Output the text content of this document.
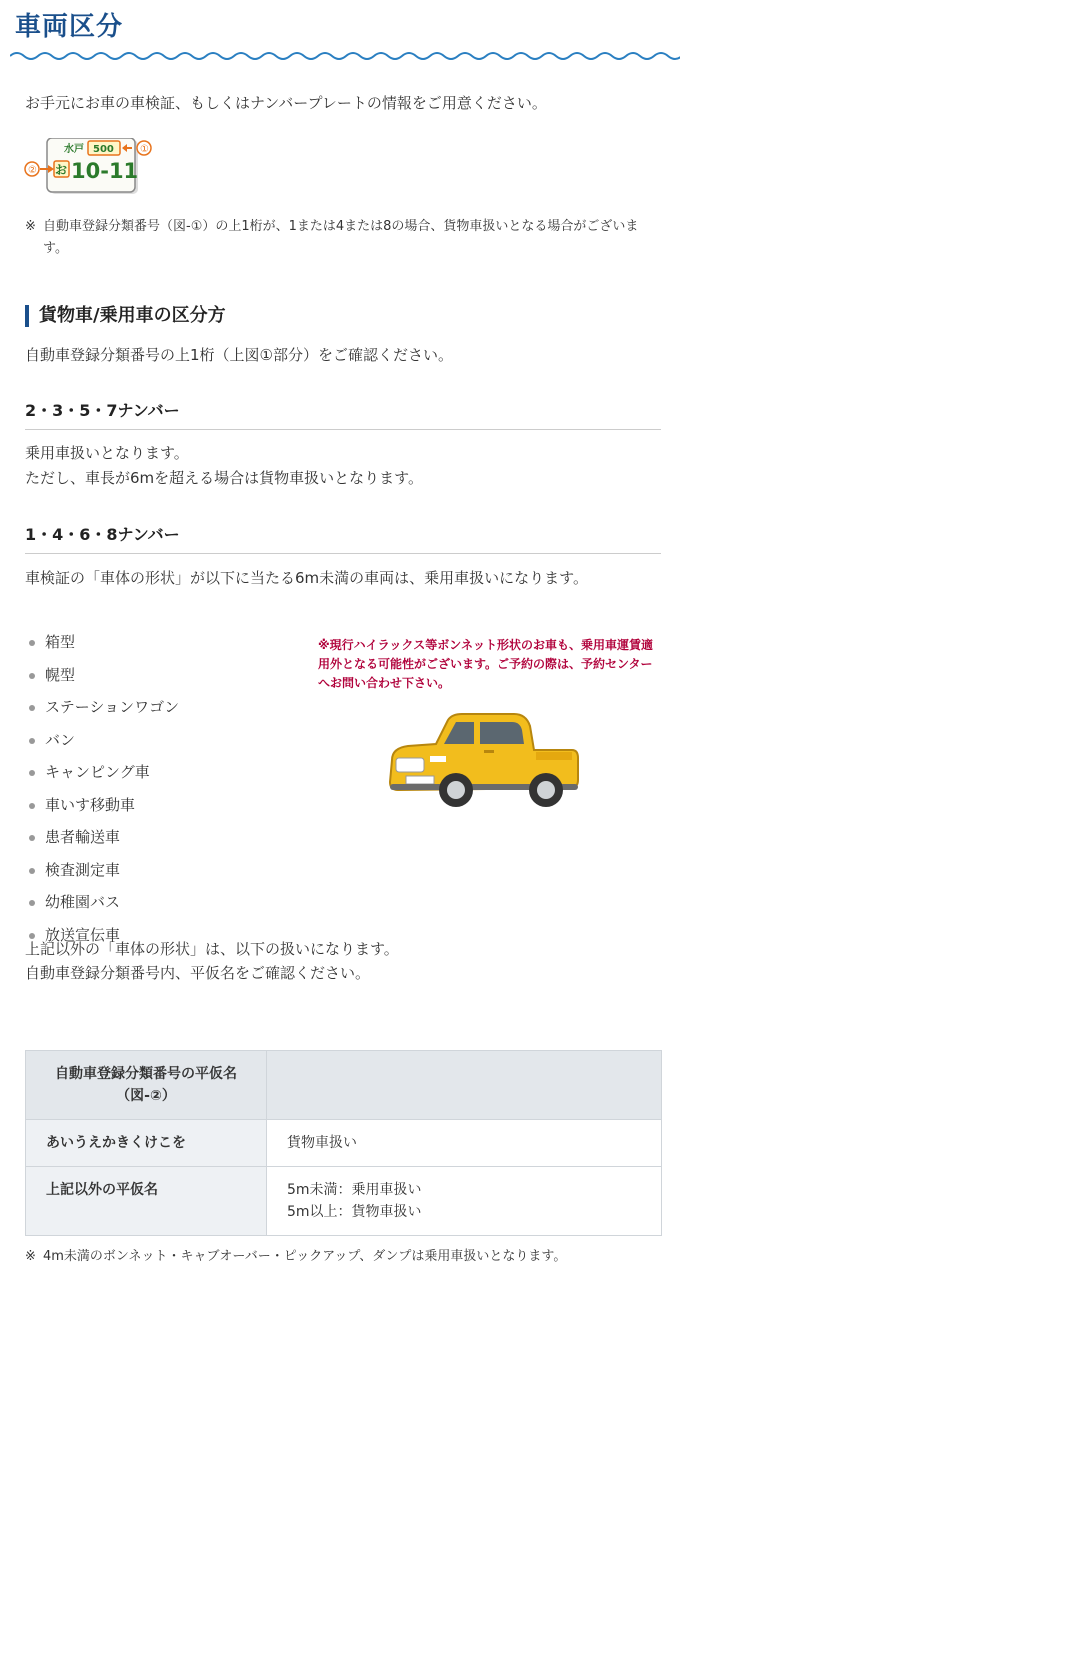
車両区分
お手元にお車の車検証、もしくはナンバープレートの情報をご用意ください。
水戸 500	①
② お 10-11
※ 自動車登録分類番号（図-①）の上1桁が、1または4または8の場合、貨物車扱いとなる場合がございます。
貨物車/乗用車の区分方
自動車登録分類番号の上1桁（上図①部分）をご確認ください。
2・3・5・7ナンバー
乗用車扱いとなります。
ただし、車長が6mを超える場合は貨物車扱いとなります。
1・4・6・8ナンバー
車検証の「車体の形状」が以下に当たる6m未満の車両は、乗用車扱いになります。
箱型
幌型
ステーションワゴン
バン
キャンピング車
車いす移動車
患者輸送車
検査測定車
幼稚園バス
放送宣伝車
※現行ハイラックス等ボンネット形状のお車も、乗用車運賃適用外となる可能性がございます。ご予約の際は、予約センターへお問い合わせ下さい。
上記以外の「車体の形状」は、以下の扱いになります。
自動車登録分類番号内、平仮名をご確認ください。
自動車登録分類番号の平仮名（図-②）	
あいうえかきくけこを	貨物車扱い

上記以外の平仮名	5m未満：乗用車扱い
5m以上：貨物車扱い
※ 4m未満のボンネット・キャブオーバー・ピックアップ、ダンプは乗用車扱いとなります。
